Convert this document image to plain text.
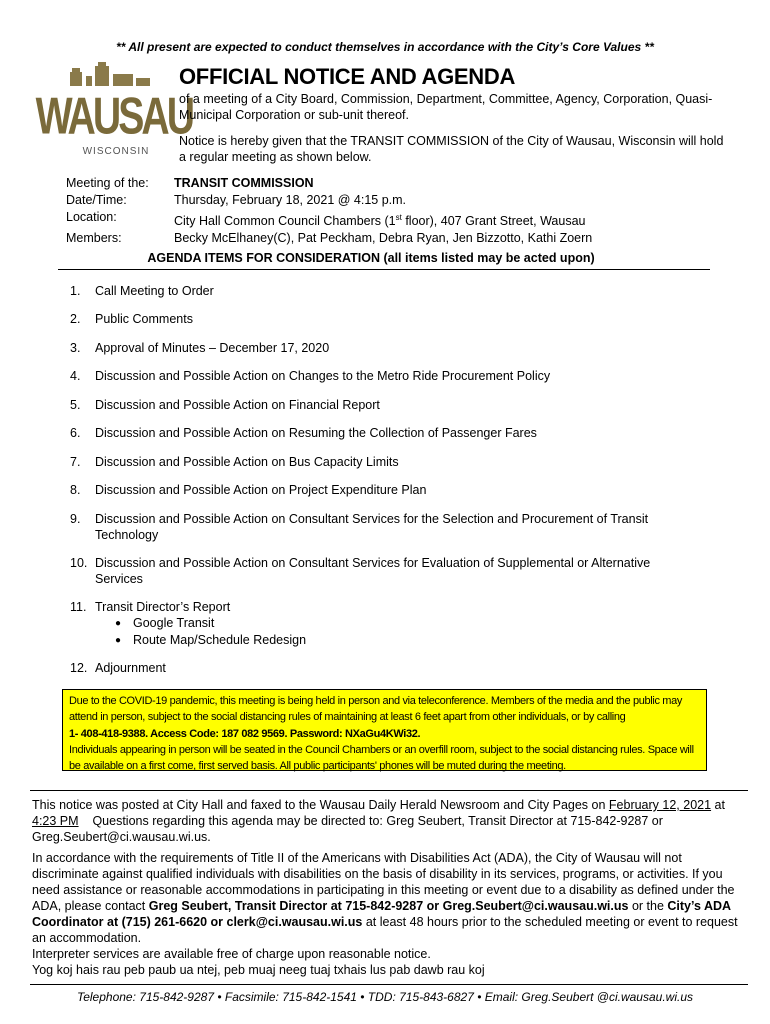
** All present are expected to conduct themselves in accordance with the City’s Core Values **
WAUSAU
WISCONSIN
OFFICIAL NOTICE AND AGENDA
of a meeting of a City Board, Commission, Department, Committee, Agency, Corporation, Quasi-Municipal Corporation or sub-unit thereof.
Notice is hereby given that the TRANSIT COMMISSION of the City of Wausau, Wisconsin will hold a regular meeting as shown below.
Meeting of the:	TRANSIT COMMISSION
Date/Time:	Thursday, February 18, 2021 @ 4:15 p.m.
Location:	City Hall Common Council Chambers (1st floor), 407 Grant Street, Wausau
Members:	Becky McElhaney(C), Pat Peckham, Debra Ryan, Jen Bizzotto, Kathi Zoern
AGENDA ITEMS FOR CONSIDERATION (all items listed may be acted upon)
1.	Call Meeting to Order
2.	Public Comments
3.	Approval of Minutes – December 17, 2020
4.	Discussion and Possible Action on Changes to the Metro Ride Procurement Policy
5.	Discussion and Possible Action on Financial Report
6.	Discussion and Possible Action on Resuming the Collection of Passenger Fares
7.	Discussion and Possible Action on Bus Capacity Limits
8.	Discussion and Possible Action on Project Expenditure Plan
9.	Discussion and Possible Action on Consultant Services for the Selection and Procurement of Transit Technology
10. Discussion and Possible Action on Consultant Services for Evaluation of Supplemental or Alternative Services
11. Transit Director’s Report
● Google Transit
● Route Map/Schedule Redesign
12. Adjournment
Due to the COVID-19 pandemic, this meeting is being held in person and via teleconference. Members of the media and the public may attend in person, subject to the social distancing rules of maintaining at least 6 feet apart from other individuals, or by calling
1- 408-418-9388. Access Code: 187 082 9569. Password: NXaGu4KWi32.
Individuals appearing in person will be seated in the Council Chambers or an overfill room, subject to the social distancing rules. Space will be available on a first come, first served basis. All public participants' phones will be muted during the meeting.
This notice was posted at City Hall and faxed to the Wausau Daily Herald Newsroom and City Pages on February 12, 2021 at 4:23 PM    Questions regarding this agenda may be directed to: Greg Seubert, Transit Director at 715-842-9287 or Greg.Seubert@ci.wausau.wi.us.
In accordance with the requirements of Title II of the Americans with Disabilities Act (ADA), the City of Wausau will not discriminate against qualified individuals with disabilities on the basis of disability in its services, programs, or activities. If you need assistance or reasonable accommodations in participating in this meeting or event due to a disability as defined under the ADA, please contact Greg Seubert, Transit Director at 715-842-9287 or Greg.Seubert@ci.wausau.wi.us or the City’s ADA Coordinator at (715) 261-6620 or clerk@ci.wausau.wi.us at least 48 hours prior to the scheduled meeting or event to request an accommodation.
Interpreter services are available free of charge upon reasonable notice.
Yog koj hais rau peb paub ua ntej, peb muaj neeg tuaj txhais lus pab dawb rau koj
Telephone: 715-842-9287 • Facsimile: 715-842-1541 • TDD: 715-843-6827 • Email: Greg.Seubert @ci.wausau.wi.us
